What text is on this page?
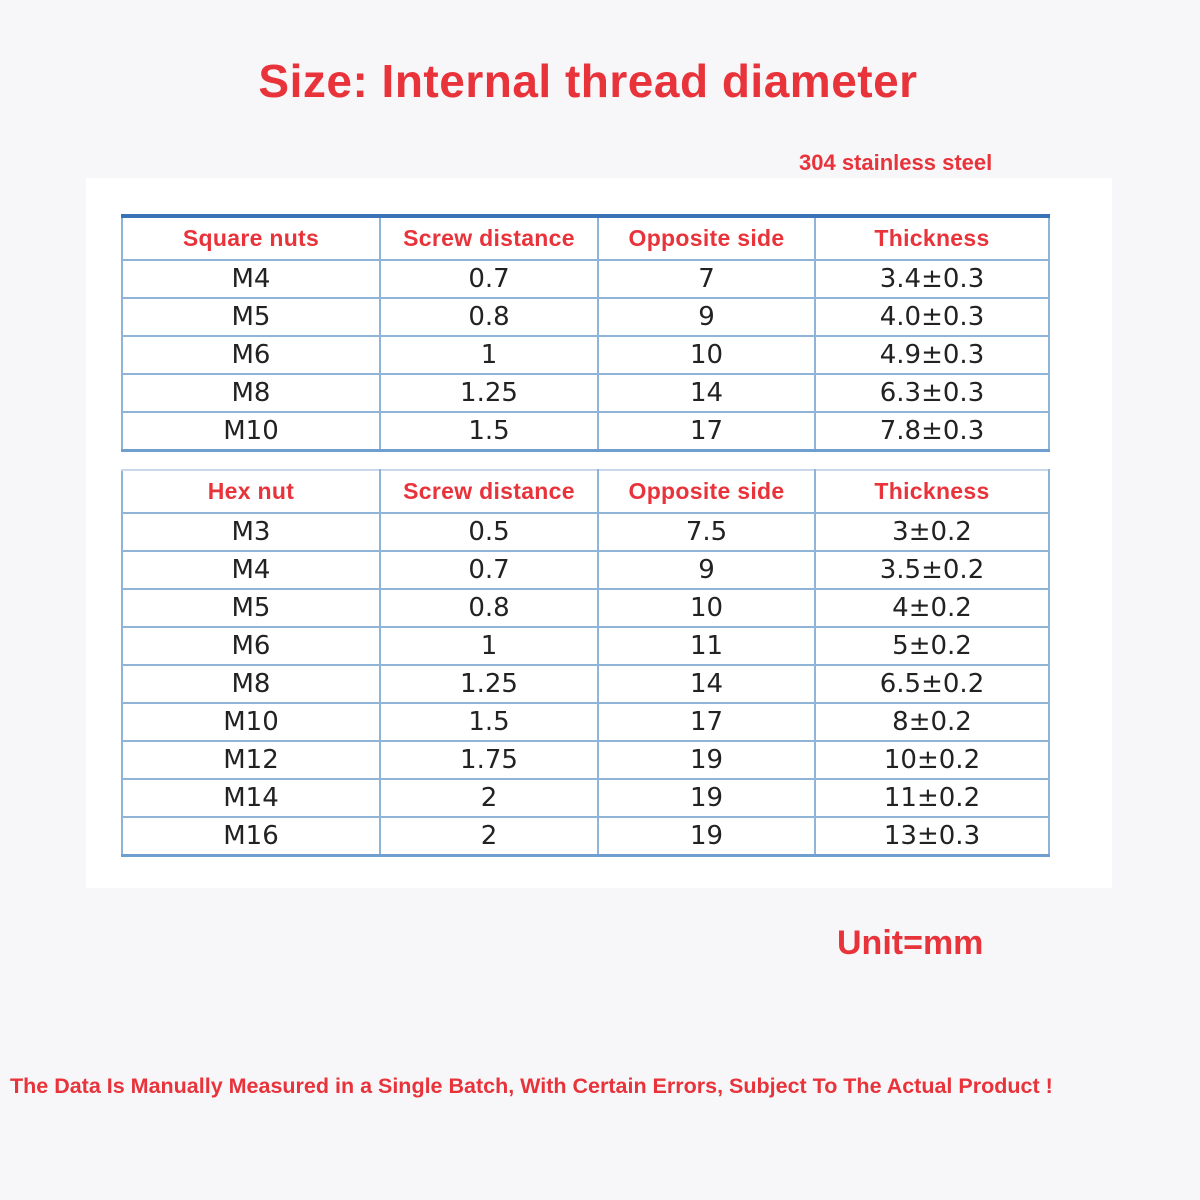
Size: Internal thread diameter
304 stainless steel
Square nuts	Screw distance	Opposite side	Thickness
M4	0.7	7	3.4±0.3
M5	0.8	9	4.0±0.3
M6	1	10	4.9±0.3
M8	1.25	14	6.3±0.3
M10	1.5	17	7.8±0.3
Hex nut	Screw distance	Opposite side	Thickness
M3	0.5	7.5	3±0.2
M4	0.7	9	3.5±0.2
M5	0.8	10	4±0.2
M6	1	11	5±0.2
M8	1.25	14	6.5±0.2
M10	1.5	17	8±0.2
M12	1.75	19	10±0.2
M14	2	19	11±0.2
M16	2	19	13±0.3
Unit=mm
The Data Is Manually Measured in a Single Batch, With Certain Errors, Subject To The Actual Product !
